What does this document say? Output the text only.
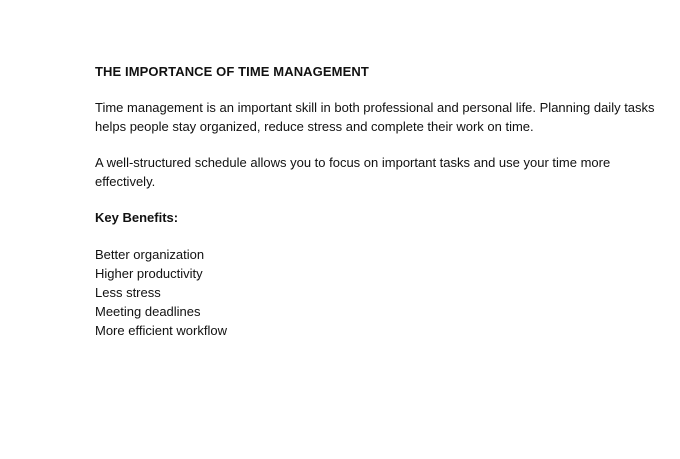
THE IMPORTANCE OF TIME MANAGEMENT

Time management is an important skill in both professional and personal life. Planning daily tasks helps people stay organized, reduce stress and complete their work on time.

A well-structured schedule allows you to focus on important tasks and use your time more effectively.

Key Benefits:
Better organization
Higher productivity
Less stress
Meeting deadlines
More efficient workflow
